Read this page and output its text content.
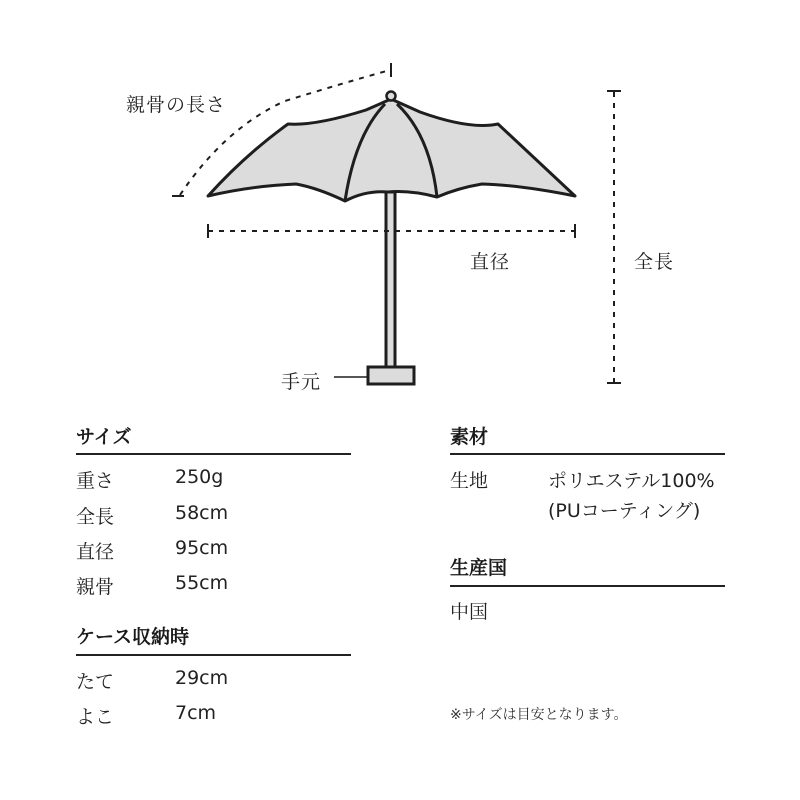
親骨の長さ
直径	全長
手元
サイズ
重さ	250g
全長	58cm
直径	95cm
親骨	55cm
ケース収納時
たて	29cm
よこ	7cm
素材
生地	ポリエステル100%
(PUコーティング)
生産国
中国
※サイズは目安となります。
